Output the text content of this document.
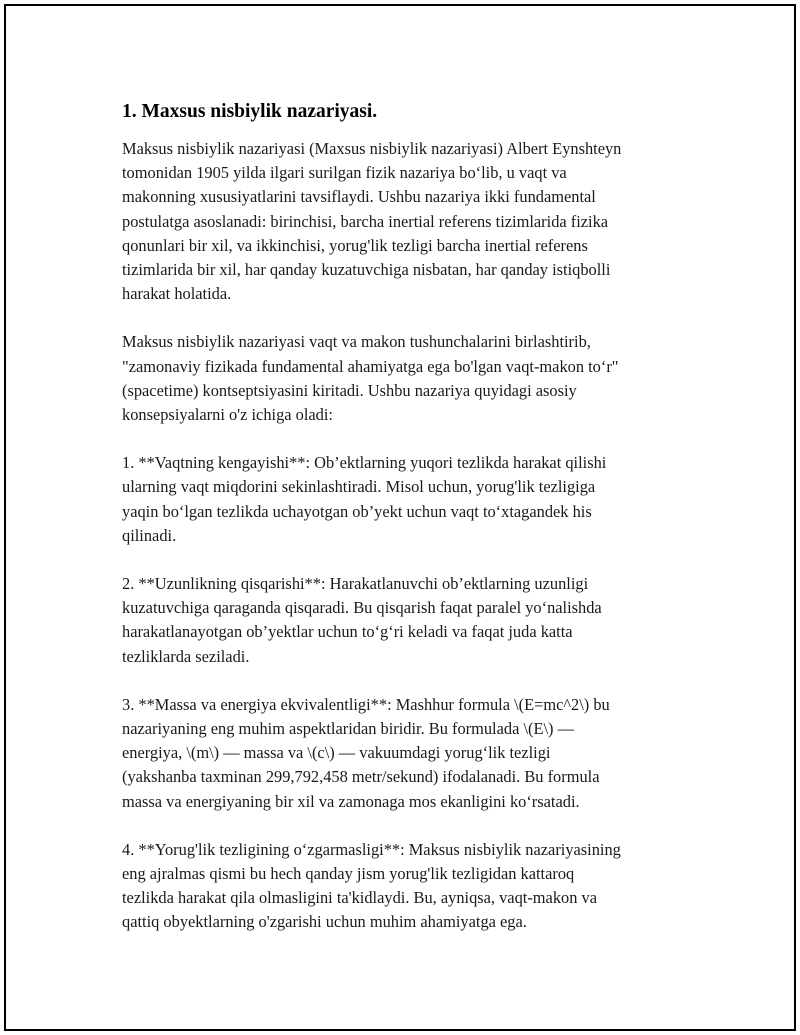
1. Maxsus nisbiylik nazariyasi.
Maksus nisbiylik nazariyasi (Maxsus nisbiylik nazariyasi) Albert Eynshteyn
tomonidan 1905 yilda ilgari surilgan fizik nazariya bo‘lib, u vaqt va
makonning xususiyatlarini tavsiflaydi. Ushbu nazariya ikki fundamental
postulatga asoslanadi: birinchisi, barcha inertial referens tizimlarida fizika
qonunlari bir xil, va ikkinchisi, yorug'lik tezligi barcha inertial referens
tizimlarida bir xil, har qanday kuzatuvchiga nisbatan, har qanday istiqbolli
harakat holatida.
Maksus nisbiylik nazariyasi vaqt va makon tushunchalarini birlashtirib,
"zamonaviy fizikada fundamental ahamiyatga ega bo'lgan vaqt-makon to‘r"
(spacetime) kontseptsiyasini kiritadi. Ushbu nazariya quyidagi asosiy
konsepsiyalarni o'z ichiga oladi:
1. **Vaqtning kengayishi**: Ob’ektlarning yuqori tezlikda harakat qilishi
ularning vaqt miqdorini sekinlashtiradi. Misol uchun, yorug'lik tezligiga
yaqin bo‘lgan tezlikda uchayotgan ob’yekt uchun vaqt to‘xtagandek his
qilinadi.
2. **Uzunlikning qisqarishi**: Harakatlanuvchi ob’ektlarning uzunligi
kuzatuvchiga qaraganda qisqaradi. Bu qisqarish faqat paralel yo‘nalishda
harakatlanayotgan ob’yektlar uchun to‘g‘ri keladi va faqat juda katta
tezliklarda seziladi.
3. **Massa va energiya ekvivalentligi**: Mashhur formula \(E=mc^2\) bu
nazariyaning eng muhim aspektlaridan biridir. Bu formulada \(E\) —
energiya, \(m\) — massa va \(c\) — vakuumdagi yorug‘lik tezligi
(yakshanba taxminan 299,792,458 metr/sekund) ifodalanadi. Bu formula
massa va energiyaning bir xil va zamonaga mos ekanligini ko‘rsatadi.
4. **Yorug'lik tezligining o‘zgarmasligi**: Maksus nisbiylik nazariyasining
eng ajralmas qismi bu hech qanday jism yorug'lik tezligidan kattaroq
tezlikda harakat qila olmasligini ta'kidlaydi. Bu, ayniqsa, vaqt-makon va
qattiq obyektlarning o'zgarishi uchun muhim ahamiyatga ega.
